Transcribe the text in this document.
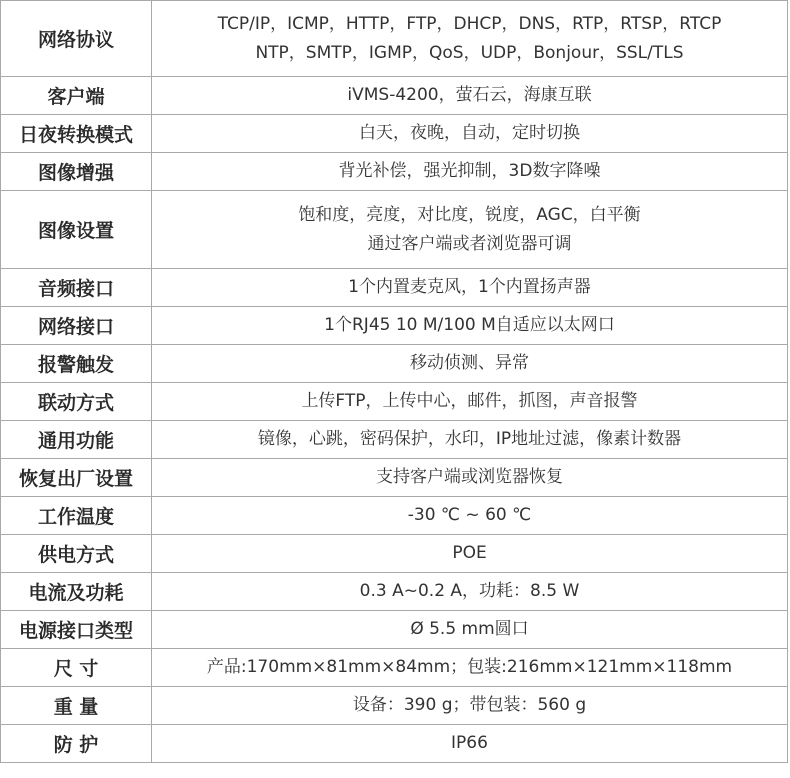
网络协议	TCP/IP，ICMP，HTTP，FTP，DHCP，DNS，RTP，RTSP，RTCP
NTP，SMTP，IGMP，QoS，UDP，Bonjour，SSL/TLS

客户端	iVMS-4200，萤石云，海康互联
日夜转换模式	白天，夜晚，自动，定时切换
图像增强	背光补偿，强光抑制，3D数字降噪
图像设置	饱和度，亮度，对比度，锐度，AGC，白平衡
通过客户端或者浏览器可调

音频接口	1个内置麦克风，1个内置扬声器
网络接口	1个RJ45 10 M/100 M自适应以太网口
报警触发	移动侦测、异常
联动方式	上传FTP，上传中心，邮件，抓图，声音报警
通用功能	镜像，心跳，密码保护，水印，IP地址过滤，像素计数器
恢复出厂设置	支持客户端或浏览器恢复
工作温度	-30 ℃ ~ 60 ℃
供电方式	POE
电流及功耗	0.3 A~0.2 A，功耗：8.5 W
电源接口类型	Ø 5.5 mm圆口
尺 寸	产品:170mm×81mm×84mm；包装:216mm×121mm×118mm
重 量	设备：390 g；带包装：560 g
防 护	IP66
